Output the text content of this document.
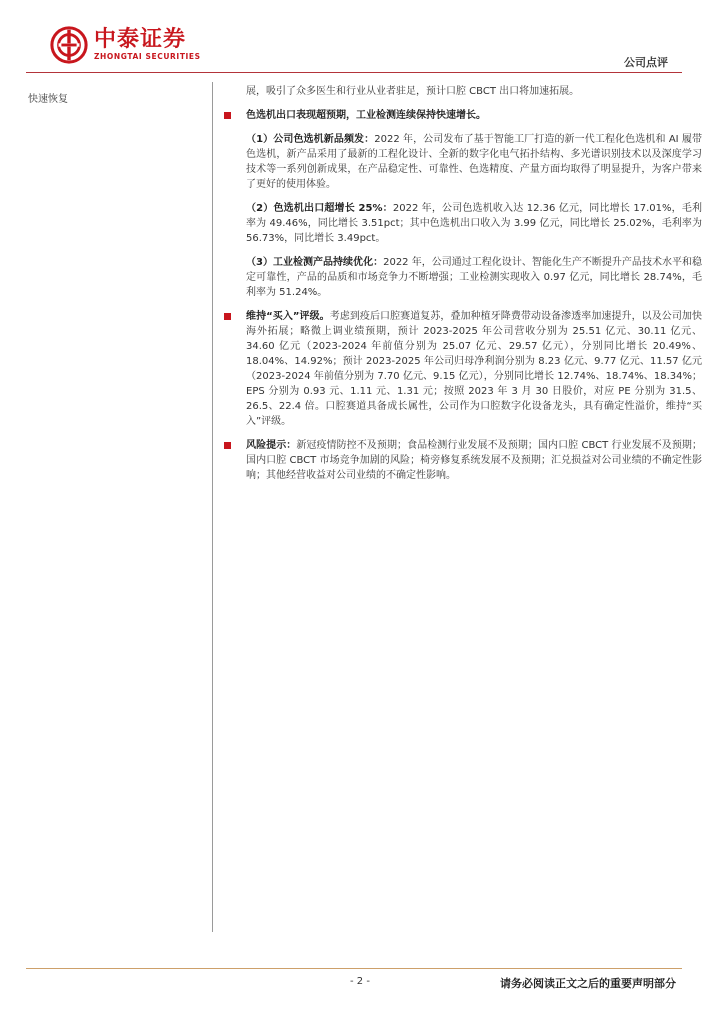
中泰证券
ZHONGTAI SECURITIES	公司点评
快速恢复

展，吸引了众多医生和行业从业者驻足，预计口腔 CBCT 出口将加速拓展。

色选机出口表现超预期，工业检测连续保持快速增长。

（1）公司色选机新品频发：2022 年，公司发布了基于智能工厂打造的新一代工程化色选机和 AI 履带色选机，新产品采用了最新的工程化设计、全新的数字化电气拓扑结构、多光谱识别技术以及深度学习技术等一系列创新成果，在产品稳定性、可靠性、色选精度、产量方面均取得了明显提升，为客户带来了更好的使用体验。

（2）色选机出口超增长 25%：2022 年，公司色选机收入达 12.36 亿元，同比增长 17.01%，毛利率为 49.46%，同比增长 3.51pct；其中色选机出口收入为 3.99 亿元，同比增长 25.02%，毛利率为 56.73%，同比增长 3.49pct。

（3）工业检测产品持续优化：2022 年，公司通过工程化设计、智能化生产不断提升产品技术水平和稳定可靠性，产品的品质和市场竞争力不断增强；工业检测实现收入 0.97 亿元，同比增长 28.74%，毛利率为 51.24%。

维持“买入”评级。考虑到疫后口腔赛道复苏，叠加种植牙降费带动设备渗透率加速提升，以及公司加快海外拓展；略微上调业绩预期，预计 2023-2025 年公司营收分别为 25.51 亿元、30.11 亿元、34.60 亿元（2023-2024 年前值分别为 25.07 亿元、29.57 亿元），分别同比增长 20.49%、18.04%、14.92%；预计 2023-2025 年公司归母净利润分别为 8.23 亿元、9.77 亿元、11.57 亿元（2023-2024 年前值分别为 7.70 亿元、9.15 亿元），分别同比增长 12.74%、18.74%、18.34%；EPS 分别为 0.93 元、1.11 元、1.31 元；按照 2023 年 3 月 30 日股价，对应 PE 分别为 31.5、26.5、22.4 倍。口腔赛道具备成长属性，公司作为口腔数字化设备龙头，具有确定性溢价，维持“买入”评级。

风险提示：新冠疫情防控不及预期；食品检测行业发展不及预期；国内口腔 CBCT 行业发展不及预期；国内口腔 CBCT 市场竞争加剧的风险；椅旁修复系统发展不及预期；汇兑损益对公司业绩的不确定性影响；其他经营收益对公司业绩的不确定性影响。

- 2 -	请务必阅读正文之后的重要声明部分
